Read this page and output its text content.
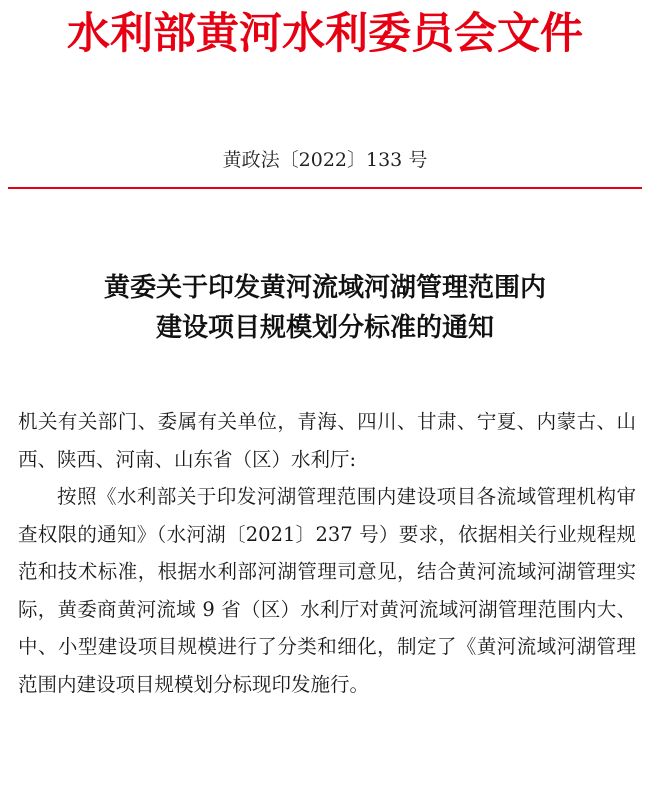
水利部黄河水利委员会文件
黄政法〔2022〕133 号
黄委关于印发黄河流域河湖管理范围内
建设项目规模划分标准的通知

机关有关部门、委属有关单位，青海、四川、甘肃、宁夏、内蒙古、山西、陕西、河南、山东省（区）水利厅:

按照《水利部关于印发河湖管理范围内建设项目各流域管理机构审查权限的通知》（水河湖〔2021〕237 号）要求，依据相关行业规程规范和技术标准，根据水利部河湖管理司意见，结合黄河流域河湖管理实际，黄委商黄河流域 9 省（区）水利厅对黄河流域河湖管理范围内大、中、小型建设项目规模进行了分类和细化，制定了《黄河流域河湖管理范围内建设项目规模划分标现印发施行。
